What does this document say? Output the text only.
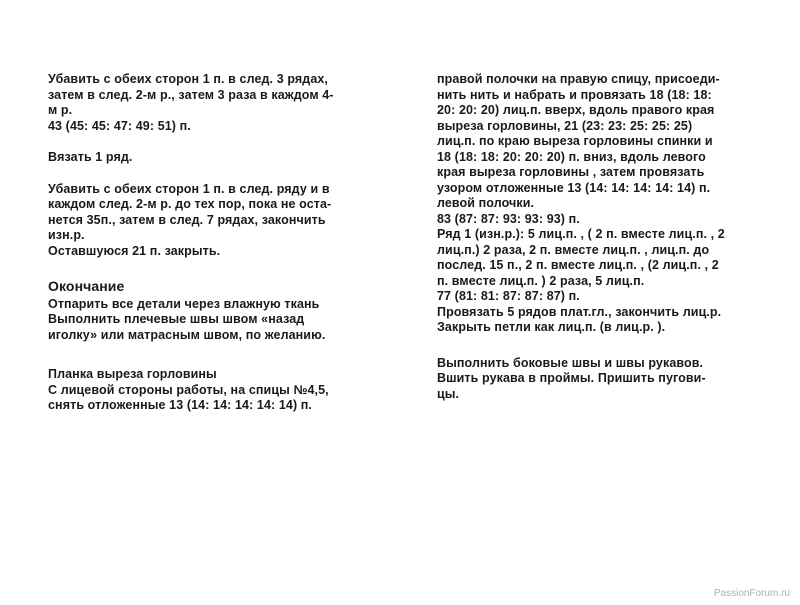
Убавить с обеих сторон 1 п. в след. 3 рядах,
затем в след. 2-м р., затем 3 раза в каждом 4-
м р.
43 (45: 45: 47: 49: 51) п.
Вязать 1 ряд.
Убавить с обеих сторон 1 п. в след. ряду и в
каждом след. 2-м р. до тех пор, пока не оста-
нется 35п., затем в след. 7 рядах, закончить
изн.р.
Оставшуюся 21 п. закрыть.
Окончание
Отпарить все детали через влажную ткань
Выполнить плечевые швы швом «назад
иголку» или матрасным швом, по желанию.
Планка выреза горловины
С лицевой стороны работы, на спицы №4,5,
снять отложенные 13 (14: 14: 14: 14: 14) п.
правой полочки на правую спицу, присоеди-
нить нить и набрать и провязать 18 (18: 18:
20: 20: 20) лиц.п. вверх, вдоль правого края
выреза горловины, 21 (23: 23: 25: 25: 25)
лиц.п. по краю выреза горловины спинки и
18 (18: 18: 20: 20: 20) п. вниз, вдоль левого
края выреза горловины , затем провязать
узором отложенные 13 (14: 14: 14: 14: 14) п.
левой полочки.
83 (87: 87: 93: 93: 93) п.
Ряд 1 (изн.р.): 5 лиц.п. , ( 2 п. вместе лиц.п. , 2
лиц.п.) 2 раза, 2 п. вместе лиц.п. , лиц.п. до
послед. 15 п., 2 п. вместе лиц.п. , (2 лиц.п. , 2
п. вместе лиц.п. ) 2 раза, 5 лиц.п.
77 (81: 81: 87: 87: 87) п.
Провязать 5 рядов плат.гл., закончить лиц.р.
Закрыть петли как лиц.п. (в лиц.р. ).
Выполнить боковые швы и швы рукавов.
Вшить рукава в проймы. Пришить пугови-
цы.
PassionForum.ru
